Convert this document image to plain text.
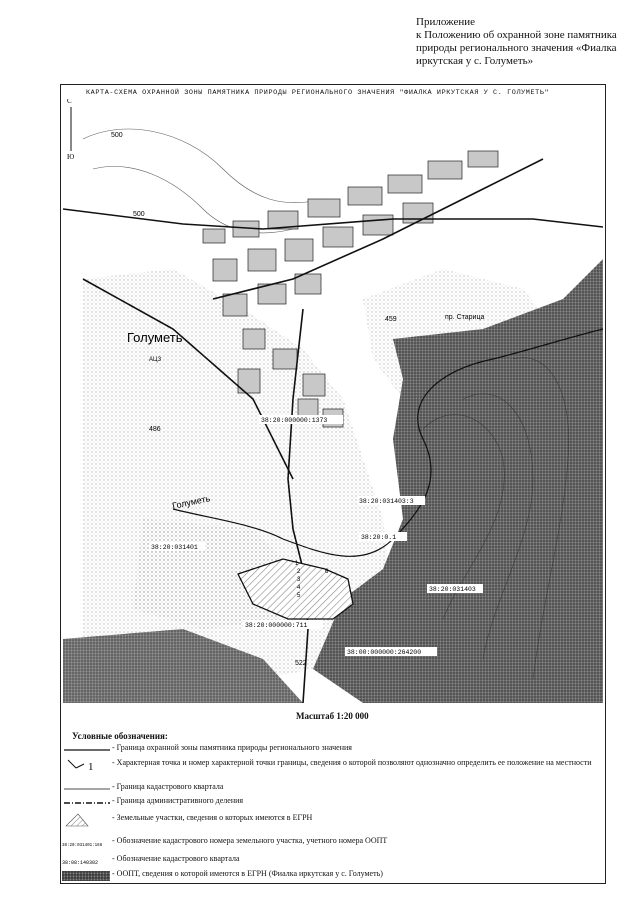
Приложение
к Положению об охранной зоне памятника
природы регионального значения «Фиалка
иркутская у с. Голуметь»
КАРТА-СХЕМА ОХРАННОЙ ЗОНЫ ПАМЯТНИКА ПРИРОДЫ РЕГИОНАЛЬНОГО ЗНАЧЕНИЯ "ФИАЛКА ИРКУТСКАЯ У С. ГОЛУМЕТЬ"
С
Ю
500
500
459
486
522
Голуметь
АЦЗ
Голуметь
пр. Старица
38:20:000000:1373
38:20:031403:3
38:20:0.1
38:20:031401
38:20:031403
38:20:000000:711
38:00:000000:264200
1
2
3
4
5
6
Масштаб 1:20 000
Условные обозначения:
- Граница охранной зоны памятника природы регионального значения
1 - Характерная точка и номер характерной точки границы, сведения о которой позволяют однозначно определить ее положение на местности
- Граница кадастрового квартала
- Граница административного деления
- Земельные участки, сведения о которых имеются в ЕГРН
38:20:031401:166
- Обозначение кадастрового номера земельного участка, учетного номера ООПТ
38:08:140302 - Обозначение кадастрового квартала
- ООПТ, сведения о которой имеются в ЕГРН (Фиалка иркутская у с. Голуметь)
